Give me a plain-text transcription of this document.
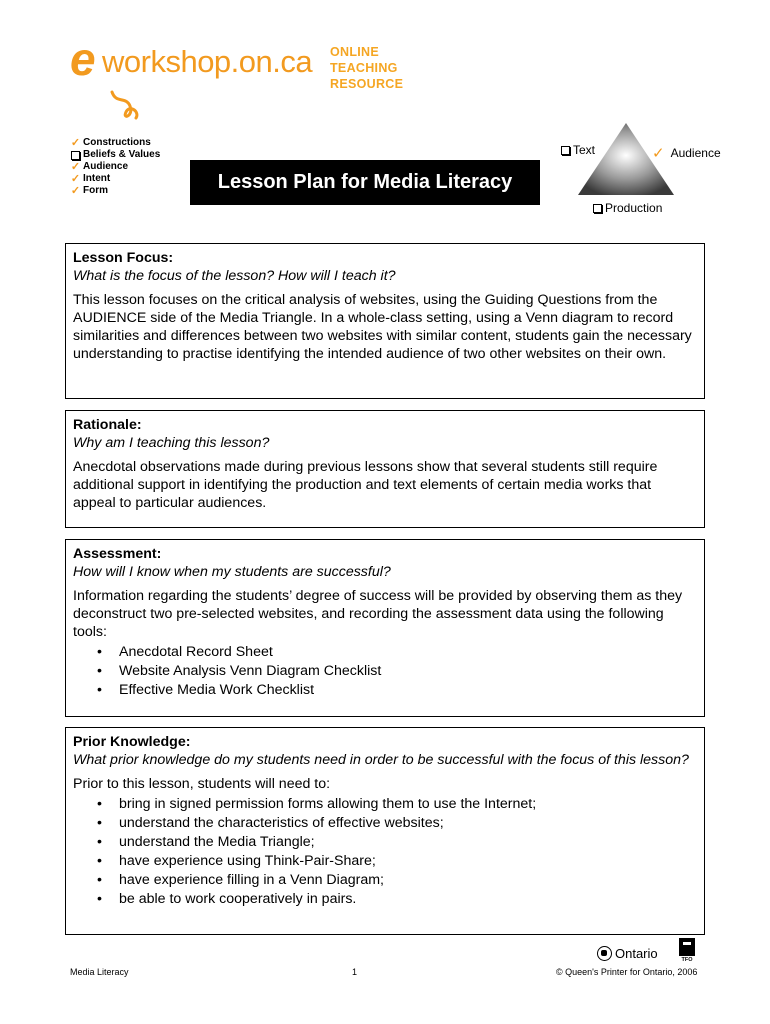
e workshop.on.ca ONLINE
TEACHING
RESOURCE
✓ Constructions
Beliefs & Values
✓ Audience
✓ Intent
✓ Form	Lesson Plan for Media Literacy
Text	✓ Audience
Production
Lesson Focus:
What is the focus of the lesson? How will I teach it?
This lesson focuses on the critical analysis of websites, using the Guiding Questions from the AUDIENCE side of the Media Triangle. In a whole-class setting, using a Venn diagram to record similarities and differences between two websites with similar content, students gain the necessary understanding to practise identifying the intended audience of two other websites on their own.
Rationale:
Why am I teaching this lesson?
Anecdotal observations made during previous lessons show that several students still require additional support in identifying the production and text elements of certain media works that appeal to particular audiences.
Assessment:
How will I know when my students are successful?
Information regarding the students’ degree of success will be provided by observing them as they deconstruct two pre-selected websites, and recording the assessment data using the following tools:
• Anecdotal Record Sheet
• Website Analysis Venn Diagram Checklist
• Effective Media Work Checklist
Prior Knowledge:
What prior knowledge do my students need in order to be successful with the focus of this lesson?
Prior to this lesson, students will need to:
• bring in signed permission forms allowing them to use the Internet;
• understand the characteristics of effective websites;
• understand the Media Triangle;
• have experience using Think-Pair-Share;
• have experience filling in a Venn Diagram;
• be able to work cooperatively in pairs.
Ontario	TFO
Media Literacy	1	© Queen's Printer for Ontario, 2006
